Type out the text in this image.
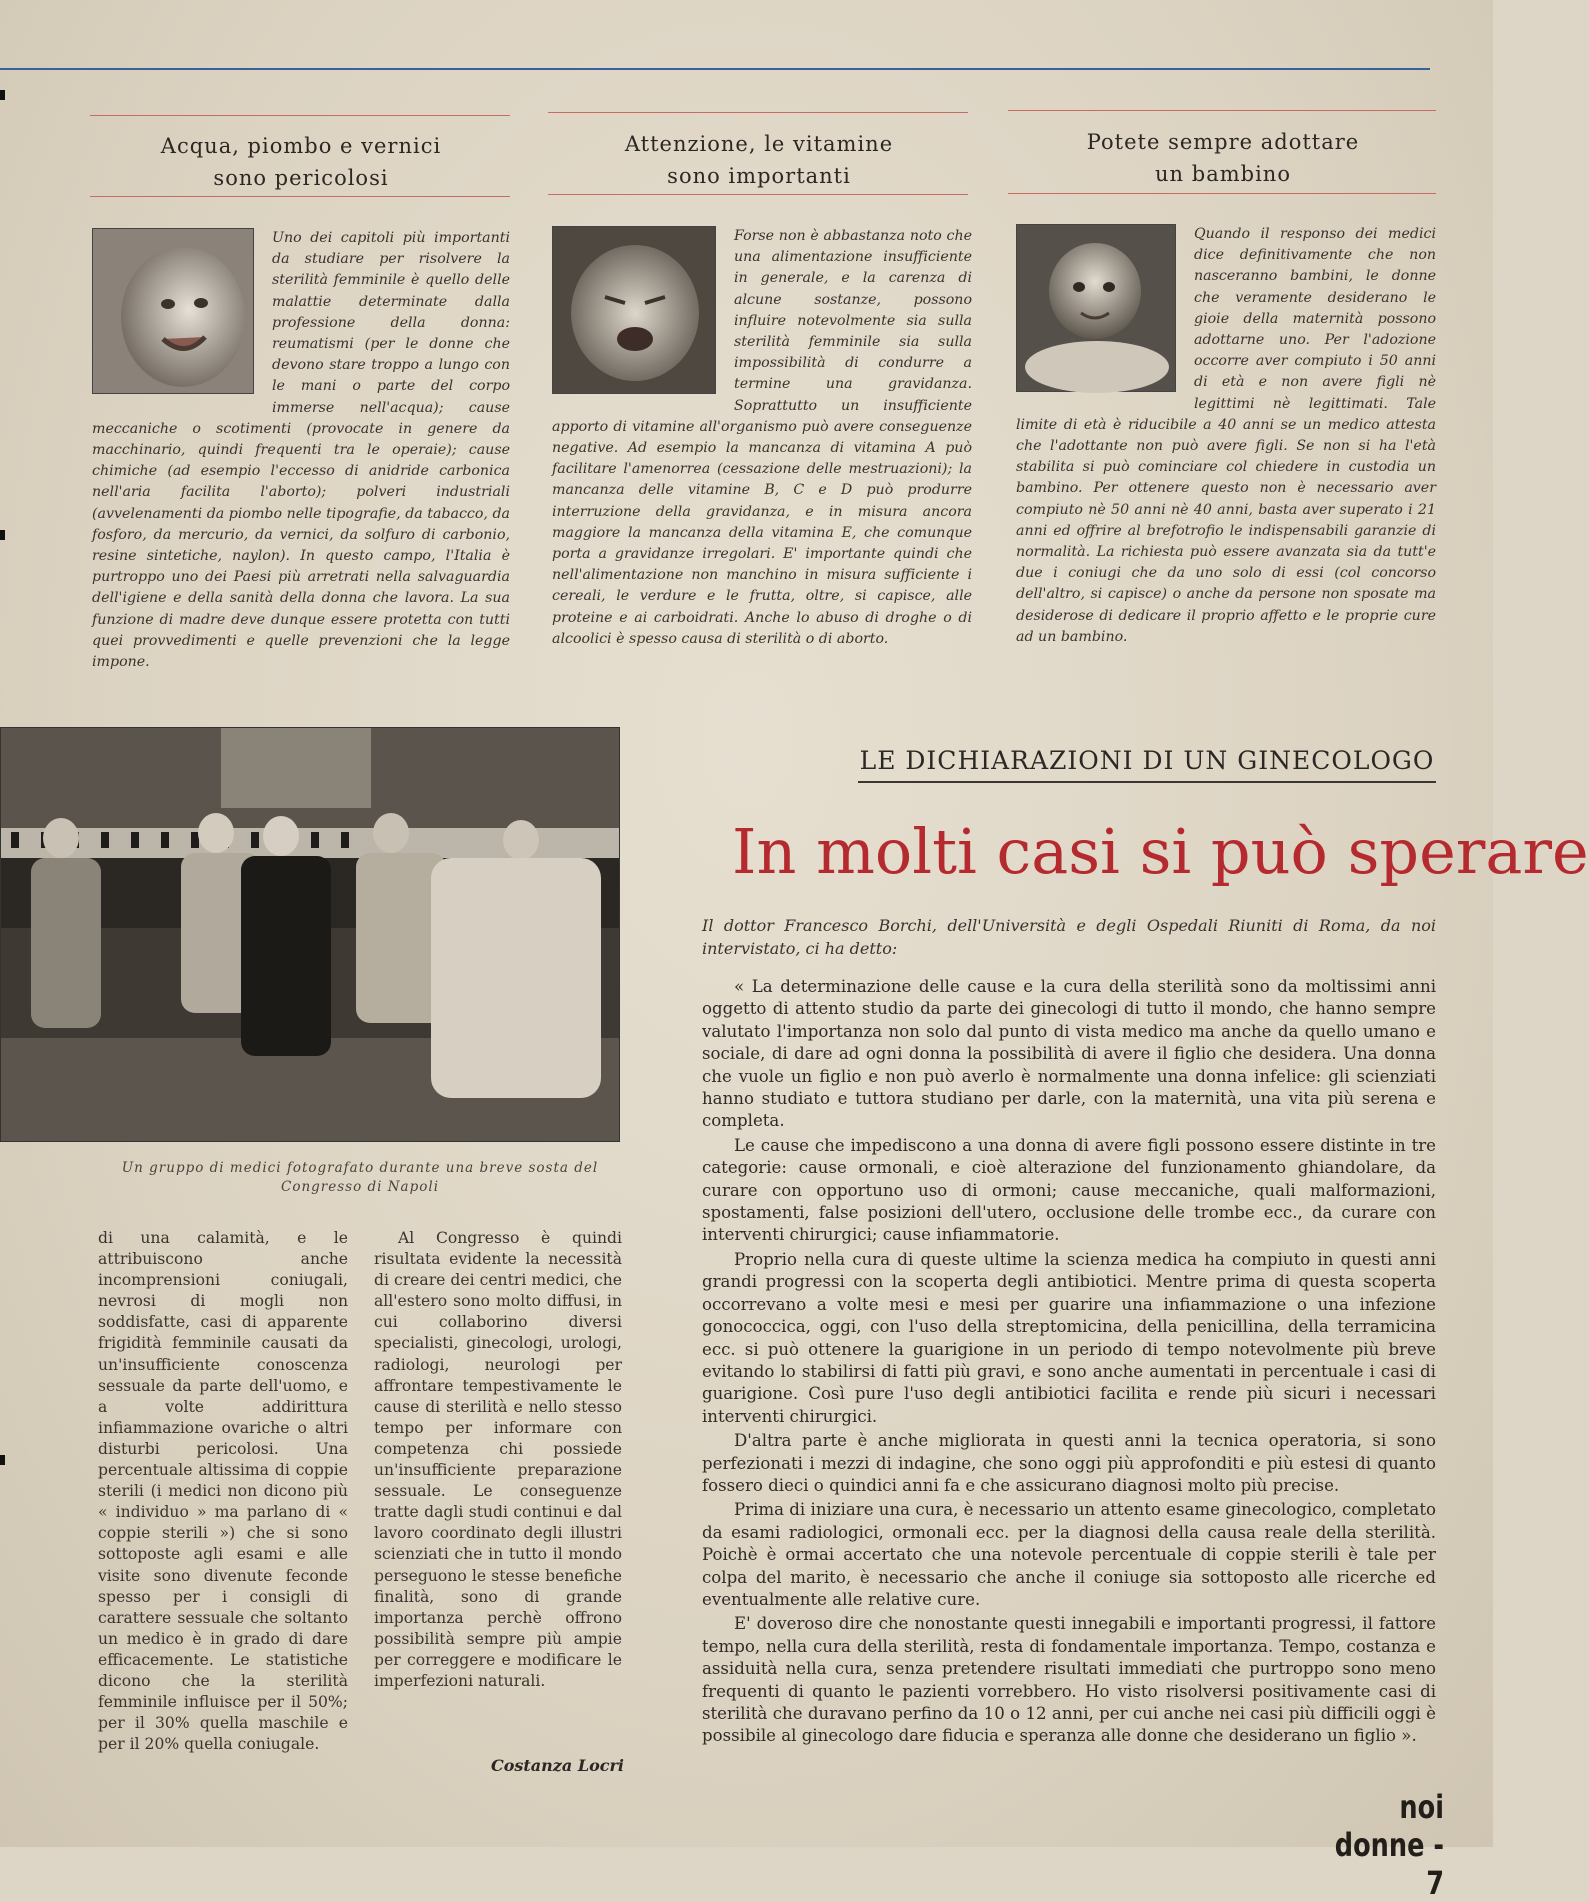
Acqua, piombo e vernici
sono pericolosi
Uno dei capitoli più importanti da studiare per risolvere la sterilità femminile è quello delle malattie determinate dalla professione della donna: reumatismi (per le donne che devono stare troppo a lungo con le mani o parte del corpo immerse nell'acqua); cause meccaniche o scotimenti (provocate in genere da macchinario, quindi frequenti tra le operaie); cause chimiche (ad esempio l'eccesso di anidride carbonica nell'aria facilita l'aborto); polveri industriali (avvelenamenti da piombo nelle tipografie, da tabacco, da fosforo, da mercurio, da vernici, da solfuro di carbonio, resine sintetiche, naylon). In questo campo, l'Italia è purtroppo uno dei Paesi più arretrati nella salvaguardia dell'igiene e della sanità della donna che lavora. La sua funzione di madre deve dunque essere protetta con tutti quei provvedimenti e quelle prevenzioni che la legge impone.
Attenzione, le vitamine
sono importanti
Forse non è abbastanza noto che una alimentazione insufficiente in generale, e la carenza di alcune sostanze, possono influire notevolmente sia sulla sterilità femminile sia sulla impossibilità di condurre a termine una gravidanza. Soprattutto un insufficiente apporto di vitamine all'organismo può avere conseguenze negative. Ad esempio la mancanza di vitamina A può facilitare l'amenorrea (cessazione delle mestruazioni); la mancanza delle vitamine B, C e D può produrre interruzione della gravidanza, e in misura ancora maggiore la mancanza della vitamina E, che comunque porta a gravidanze irregolari. E' importante quindi che nell'alimentazione non manchino in misura sufficiente i cereali, le verdure e le frutta, oltre, si capisce, alle proteine e ai carboidrati. Anche lo abuso di droghe o di alcoolici è spesso causa di sterilità o di aborto.
Potete sempre adottare
un bambino
Quando il responso dei medici dice definitivamente che non nasceranno bambini, le donne che veramente desiderano le gioie della maternità possono adottarne uno. Per l'adozione occorre aver compiuto i 50 anni di età e non avere figli nè legittimi nè legittimati. Tale limite di età è riducibile a 40 anni se un medico attesta che l'adottante non può avere figli. Se non si ha l'età stabilita si può cominciare col chiedere in custodia un bambino. Per ottenere questo non è necessario aver compiuto nè 50 anni nè 40 anni, basta aver superato i 21 anni ed offrire al brefotrofio le indispensabili garanzie di normalità. La richiesta può essere avanzata sia da tutt'e due i coniugi che da uno solo di essi (col concorso dell'altro, si capisce) o anche da persone non sposate ma desiderose di dedicare il proprio affetto e le proprie cure ad un bambino.
Un gruppo di medici fotografato durante una breve sosta del
Congresso di Napoli
LE DICHIARAZIONI DI UN GINECOLOGO
In molti casi si può sperare
Il dottor Francesco Borchi, dell'Università e degli Ospedali Riuniti di Roma, da noi intervistato, ci ha detto:

« La determinazione delle cause e la cura della sterilità sono da moltissimi anni oggetto di attento studio da parte dei ginecologi di tutto il mondo, che hanno sempre valutato l'importanza non solo dal punto di vista medico ma anche da quello umano e sociale, di dare ad ogni donna la possibilità di avere il figlio che desidera. Una donna che vuole un figlio e non può averlo è normalmente una donna infelice: gli scienziati hanno studiato e tuttora studiano per darle, con la maternità, una vita più serena e completa.

Le cause che impediscono a una donna di avere figli possono essere distinte in tre categorie: cause ormonali, e cioè alterazione del funzionamento ghiandolare, da curare con opportuno uso di ormoni; cause meccaniche, quali malformazioni, spostamenti, false posizioni dell'utero, occlusione delle trombe ecc., da curare con interventi chirurgici; cause infiammatorie.

Proprio nella cura di queste ultime la scienza medica ha compiuto in questi anni grandi progressi con la scoperta degli antibiotici. Mentre prima di questa scoperta occorrevano a volte mesi e mesi per guarire una infiammazione o una infezione gonococcica, oggi, con l'uso della streptomicina, della penicillina, della terramicina ecc. si può ottenere la guarigione in un periodo di tempo notevolmente più breve evitando lo stabilirsi di fatti più gravi, e sono anche aumentati in percentuale i casi di guarigione. Così pure l'uso degli antibiotici facilita e rende più sicuri i necessari interventi chirurgici.

D'altra parte è anche migliorata in questi anni la tecnica operatoria, si sono perfezionati i mezzi di indagine, che sono oggi più approfonditi e più estesi di quanto fossero dieci o quindici anni fa e che assicurano diagnosi molto più precise.

Prima di iniziare una cura, è necessario un attento esame ginecologico, completato da esami radiologici, ormonali ecc. per la diagnosi della causa reale della sterilità. Poichè è ormai accertato che una notevole percentuale di coppie sterili è tale per colpa del marito, è necessario che anche il coniuge sia sottoposto alle ricerche ed eventualmente alle relative cure.

E' doveroso dire che nonostante questi innegabili e importanti progressi, il fattore tempo, nella cura della sterilità, resta di fondamentale importanza. Tempo, costanza e assiduità nella cura, senza pretendere risultati immediati che purtroppo sono meno frequenti di quanto le pazienti vorrebbero. Ho visto risolversi positivamente casi di sterilità che duravano perfino da 10 o 12 anni, per cui anche nei casi più difficili oggi è possibile al ginecologo dare fiducia e speranza alle donne che desiderano un figlio ».

di una calamità, e le attribuiscono anche incomprensioni coniugali, nevrosi di mogli non soddisfatte, casi di apparente frigidità femminile causati da un'insufficiente conoscenza sessuale da parte dell'uomo, e a volte addirittura infiammazione ovariche o altri disturbi pericolosi. Una percentuale altissima di coppie sterili (i medici non dicono più « individuo » ma parlano di « coppie sterili ») che si sono sottoposte agli esami e alle visite sono divenute feconde spesso per i consigli di carattere sessuale che soltanto un medico è in grado di dare efficacemente. Le statistiche dicono che la sterilità femminile influisce per il 50%; per il 30% quella maschile e per il 20% quella coniugale.

Al Congresso è quindi risultata evidente la necessità di creare dei centri medici, che all'estero sono molto diffusi, in cui collaborino diversi specialisti, ginecologi, urologi, radiologi, neurologi per affrontare tempestivamente le cause di sterilità e nello stesso tempo per informare con competenza chi possiede un'insufficiente preparazione sessuale. Le conseguenze tratte dagli studi continui e dal lavoro coordinato degli illustri scienziati che in tutto il mondo perseguono le stesse benefiche finalità, sono di grande importanza perchè offrono possibilità sempre più ampie per correggere e modificare le imperfezioni naturali.

Costanza Locri
noi donne - 7
